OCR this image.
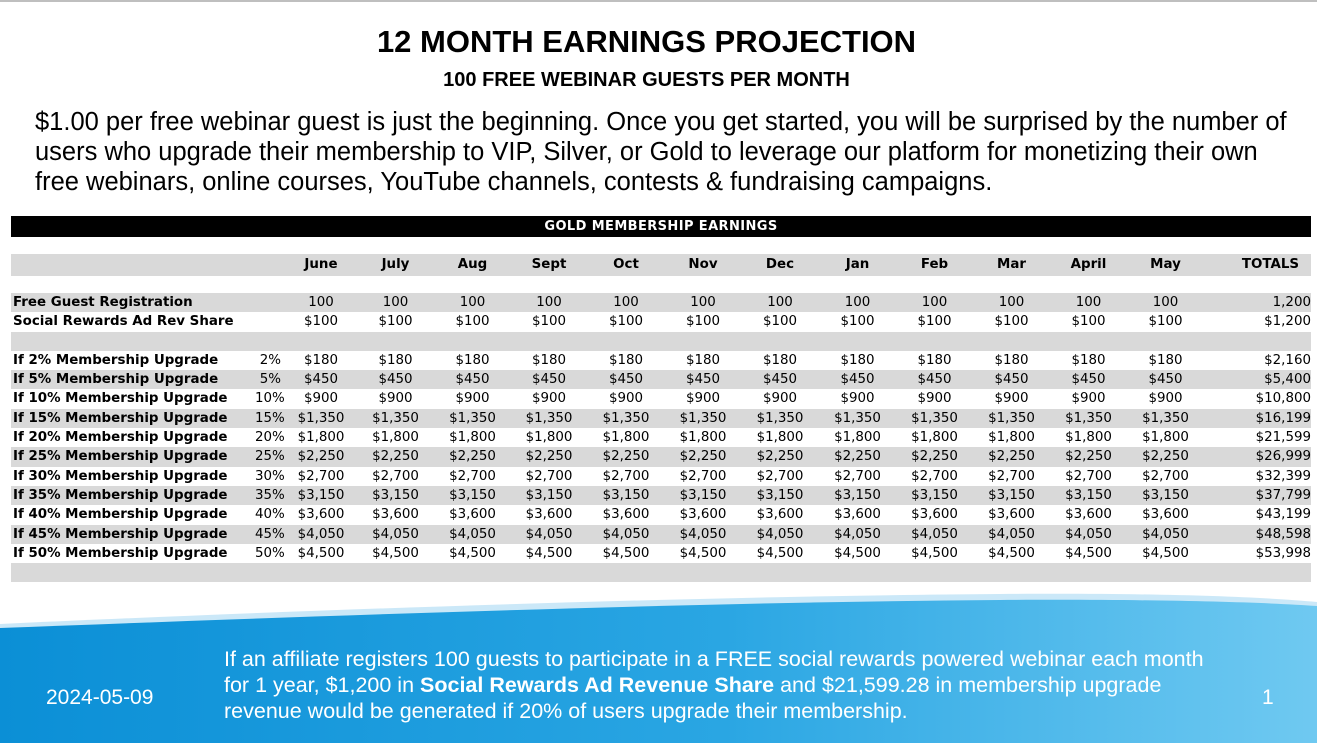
12 MONTH EARNINGS PROJECTION
100 FREE WEBINAR GUESTS PER MONTH
$1.00 per free webinar guest is just the beginning. Once you get started, you will be surprised by the number of users who upgrade their membership to VIP, Silver, or Gold to leverage our platform for monetizing their own free webinars, online courses, YouTube channels, contests & fundraising campaigns.
GOLD MEMBERSHIP EARNINGS														

		June	July	Aug	Sept	Oct	Nov	Dec	Jan	Feb	Mar	April	May	TOTALS

Free Guest Registration		100	100	100	100	100	100	100	100	100	100	100	100	1,200
Social Rewards Ad Rev Share		$100	$100	$100	$100	$100	$100	$100	$100	$100	$100	$100	$100	$1,200

If 2% Membership Upgrade	2%	$180	$180	$180	$180	$180	$180	$180	$180	$180	$180	$180	$180	$2,160
If 5% Membership Upgrade	5%	$450	$450	$450	$450	$450	$450	$450	$450	$450	$450	$450	$450	$5,400
If 10% Membership Upgrade	10%	$900	$900	$900	$900	$900	$900	$900	$900	$900	$900	$900	$900	$10,800
If 15% Membership Upgrade	15%	$1,350	$1,350	$1,350	$1,350	$1,350	$1,350	$1,350	$1,350	$1,350	$1,350	$1,350	$1,350	$16,199
If 20% Membership Upgrade	20%	$1,800	$1,800	$1,800	$1,800	$1,800	$1,800	$1,800	$1,800	$1,800	$1,800	$1,800	$1,800	$21,599
If 25% Membership Upgrade	25%	$2,250	$2,250	$2,250	$2,250	$2,250	$2,250	$2,250	$2,250	$2,250	$2,250	$2,250	$2,250	$26,999
If 30% Membership Upgrade	30%	$2,700	$2,700	$2,700	$2,700	$2,700	$2,700	$2,700	$2,700	$2,700	$2,700	$2,700	$2,700	$32,399
If 35% Membership Upgrade	35%	$3,150	$3,150	$3,150	$3,150	$3,150	$3,150	$3,150	$3,150	$3,150	$3,150	$3,150	$3,150	$37,799
If 40% Membership Upgrade	40%	$3,600	$3,600	$3,600	$3,600	$3,600	$3,600	$3,600	$3,600	$3,600	$3,600	$3,600	$3,600	$43,199
If 45% Membership Upgrade	45%	$4,050	$4,050	$4,050	$4,050	$4,050	$4,050	$4,050	$4,050	$4,050	$4,050	$4,050	$4,050	$48,598
If 50% Membership Upgrade	50%	$4,500	$4,500	$4,500	$4,500	$4,500	$4,500	$4,500	$4,500	$4,500	$4,500	$4,500	$4,500	$53,998

2024-05-09
If an affiliate registers 100 guests to participate in a FREE social rewards powered webinar each month for 1 year, $1,200 in Social Rewards Ad Revenue Share and $21,599.28 in membership upgrade revenue would be generated if 20% of users upgrade their membership.
1
